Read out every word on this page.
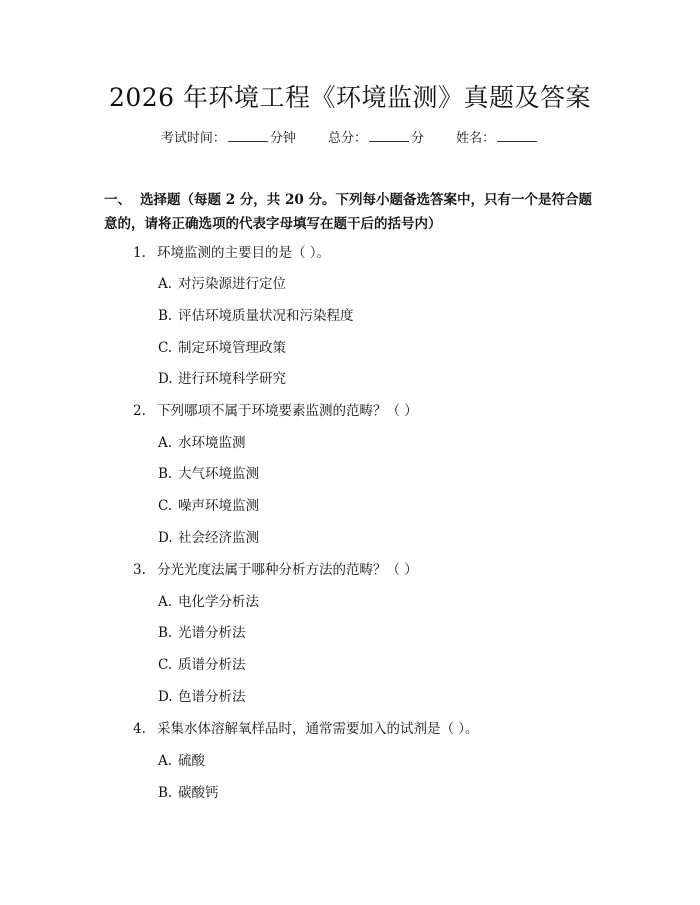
2026 年环境工程《环境监测》真题及答案
考试时间：	分钟 总分：	分 姓名：
一、 选择题（每题 2 分，共 20 分。下列每小题备选答案中，只有一个是符合题意的，请将正确选项的代表字母填写在题干后的括号内）
1. 环境监测的主要目的是（ ）。
A. 对污染源进行定位
B. 评估环境质量状况和污染程度
C. 制定环境管理政策
D. 进行环境科学研究
2. 下列哪项不属于环境要素监测的范畴？（ ）
A. 水环境监测
B. 大气环境监测
C. 噪声环境监测
D. 社会经济监测
3. 分光光度法属于哪种分析方法的范畴？（ ）
A. 电化学分析法
B. 光谱分析法
C. 质谱分析法
D. 色谱分析法
4. 采集水体溶解氧样品时，通常需要加入的试剂是（ ）。
A. 硫酸
B. 碳酸钙
